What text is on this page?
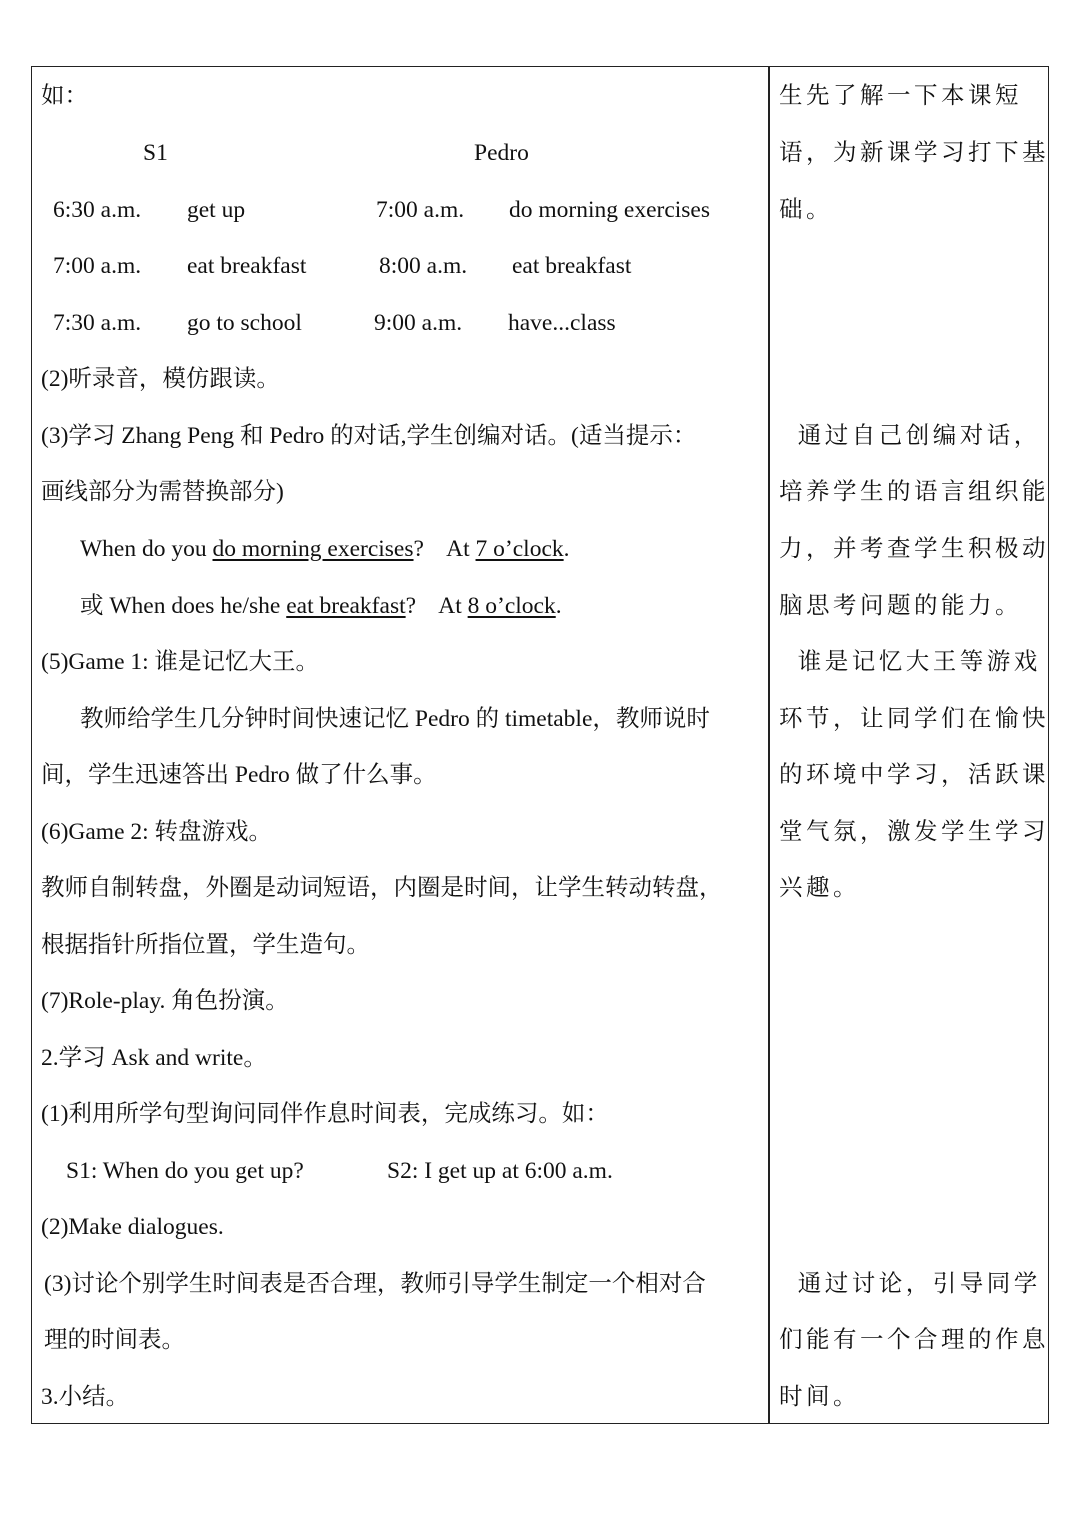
如：
S1	Pedro
6:30 a.m. get up	7:00 a.m. do morning exercises
7:00 a.m. eat breakfast	8:00 a.m. eat breakfast
7:30 a.m. go to school	9:00 a.m. have...class
(2)听录音，模仿跟读。
(3)学习 Zhang Peng 和 Pedro 的对话,学生创编对话。(适当提示：
画线部分为需替换部分)
When do you do morning exercises?    At 7 o’clock.
或 When does he/she eat breakfast?    At 8 o’clock.
(5)Game 1: 谁是记忆大王。
教师给学生几分钟时间快速记忆 Pedro 的 timetable，教师说时
间，学生迅速答出 Pedro 做了什么事。
(6)Game 2: 转盘游戏。
教师自制转盘，外圈是动词短语，内圈是时间，让学生转动转盘，
根据指针所指位置，学生造句。
(7)Role-play. 角色扮演。
2.学习 Ask and write。
(1)利用所学句型询问同伴作息时间表，完成练习。如：
S1: When do you get up?	S2: I get up at 6:00 a.m.
(2)Make dialogues.
(3)讨论个别学生时间表是否合理，教师引导学生制定一个相对合
理的时间表。
3.小结。
生先了解一下本课短
语，为新课学习打下基
础。
通过自己创编对话，
培养学生的语言组织能
力，并考查学生积极动
脑思考问题的能力。
谁是记忆大王等游戏
环节，让同学们在愉快
的环境中学习，活跃课
堂气氛，激发学生学习
兴趣。
通过讨论，引导同学
们能有一个合理的作息
时间。
